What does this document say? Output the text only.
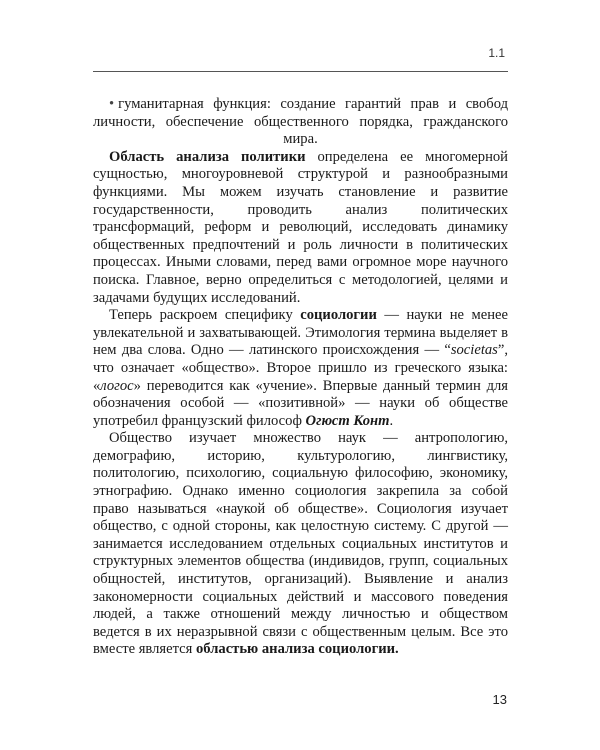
1.1

• гуманитарная функция: создание гарантий прав и свобод личности, обеспечение общественного порядка, гражданского мира.

Область анализа политики определена ее многомерной сущностью, многоуровневой структурой и разнообразными функциями. Мы можем изучать становление и развитие государственности, проводить анализ политических трансформаций, реформ и революций, исследовать динамику общественных предпочтений и роль личности в политических процессах. Иными словами, перед вами огромное море научного поиска. Главное, верно определиться с методологией, целями и задачами будущих исследований.

Теперь раскроем специфику социологии — науки не менее увлекательной и захватывающей. Этимология термина выделяет в нем два слова. Одно — латинского происхождения — “societas”, что означает «общество». Второе пришло из греческого языка: «логос» переводится как «учение». Впервые данный термин для обозначения особой — «позитивной» — науки об обществе употребил французский философ Огюст Конт.

Общество изучает множество наук — антропологию, демографию, историю, культурологию, лингвистику, политологию, психологию, социальную философию, экономику, этнографию. Однако именно социология закрепила за собой право называться «наукой об обществе». Социология изучает общество, с одной стороны, как целостную систему. С другой — занимается исследованием отдельных социальных институтов и структурных элементов общества (индивидов, групп, социальных общностей, институтов, организаций). Выявление и анализ закономерности социальных действий и массового поведения людей, а также отношений между личностью и обществом ведется в их неразрывной связи с общественным целым. Все это вместе является областью анализа социологии.

13
